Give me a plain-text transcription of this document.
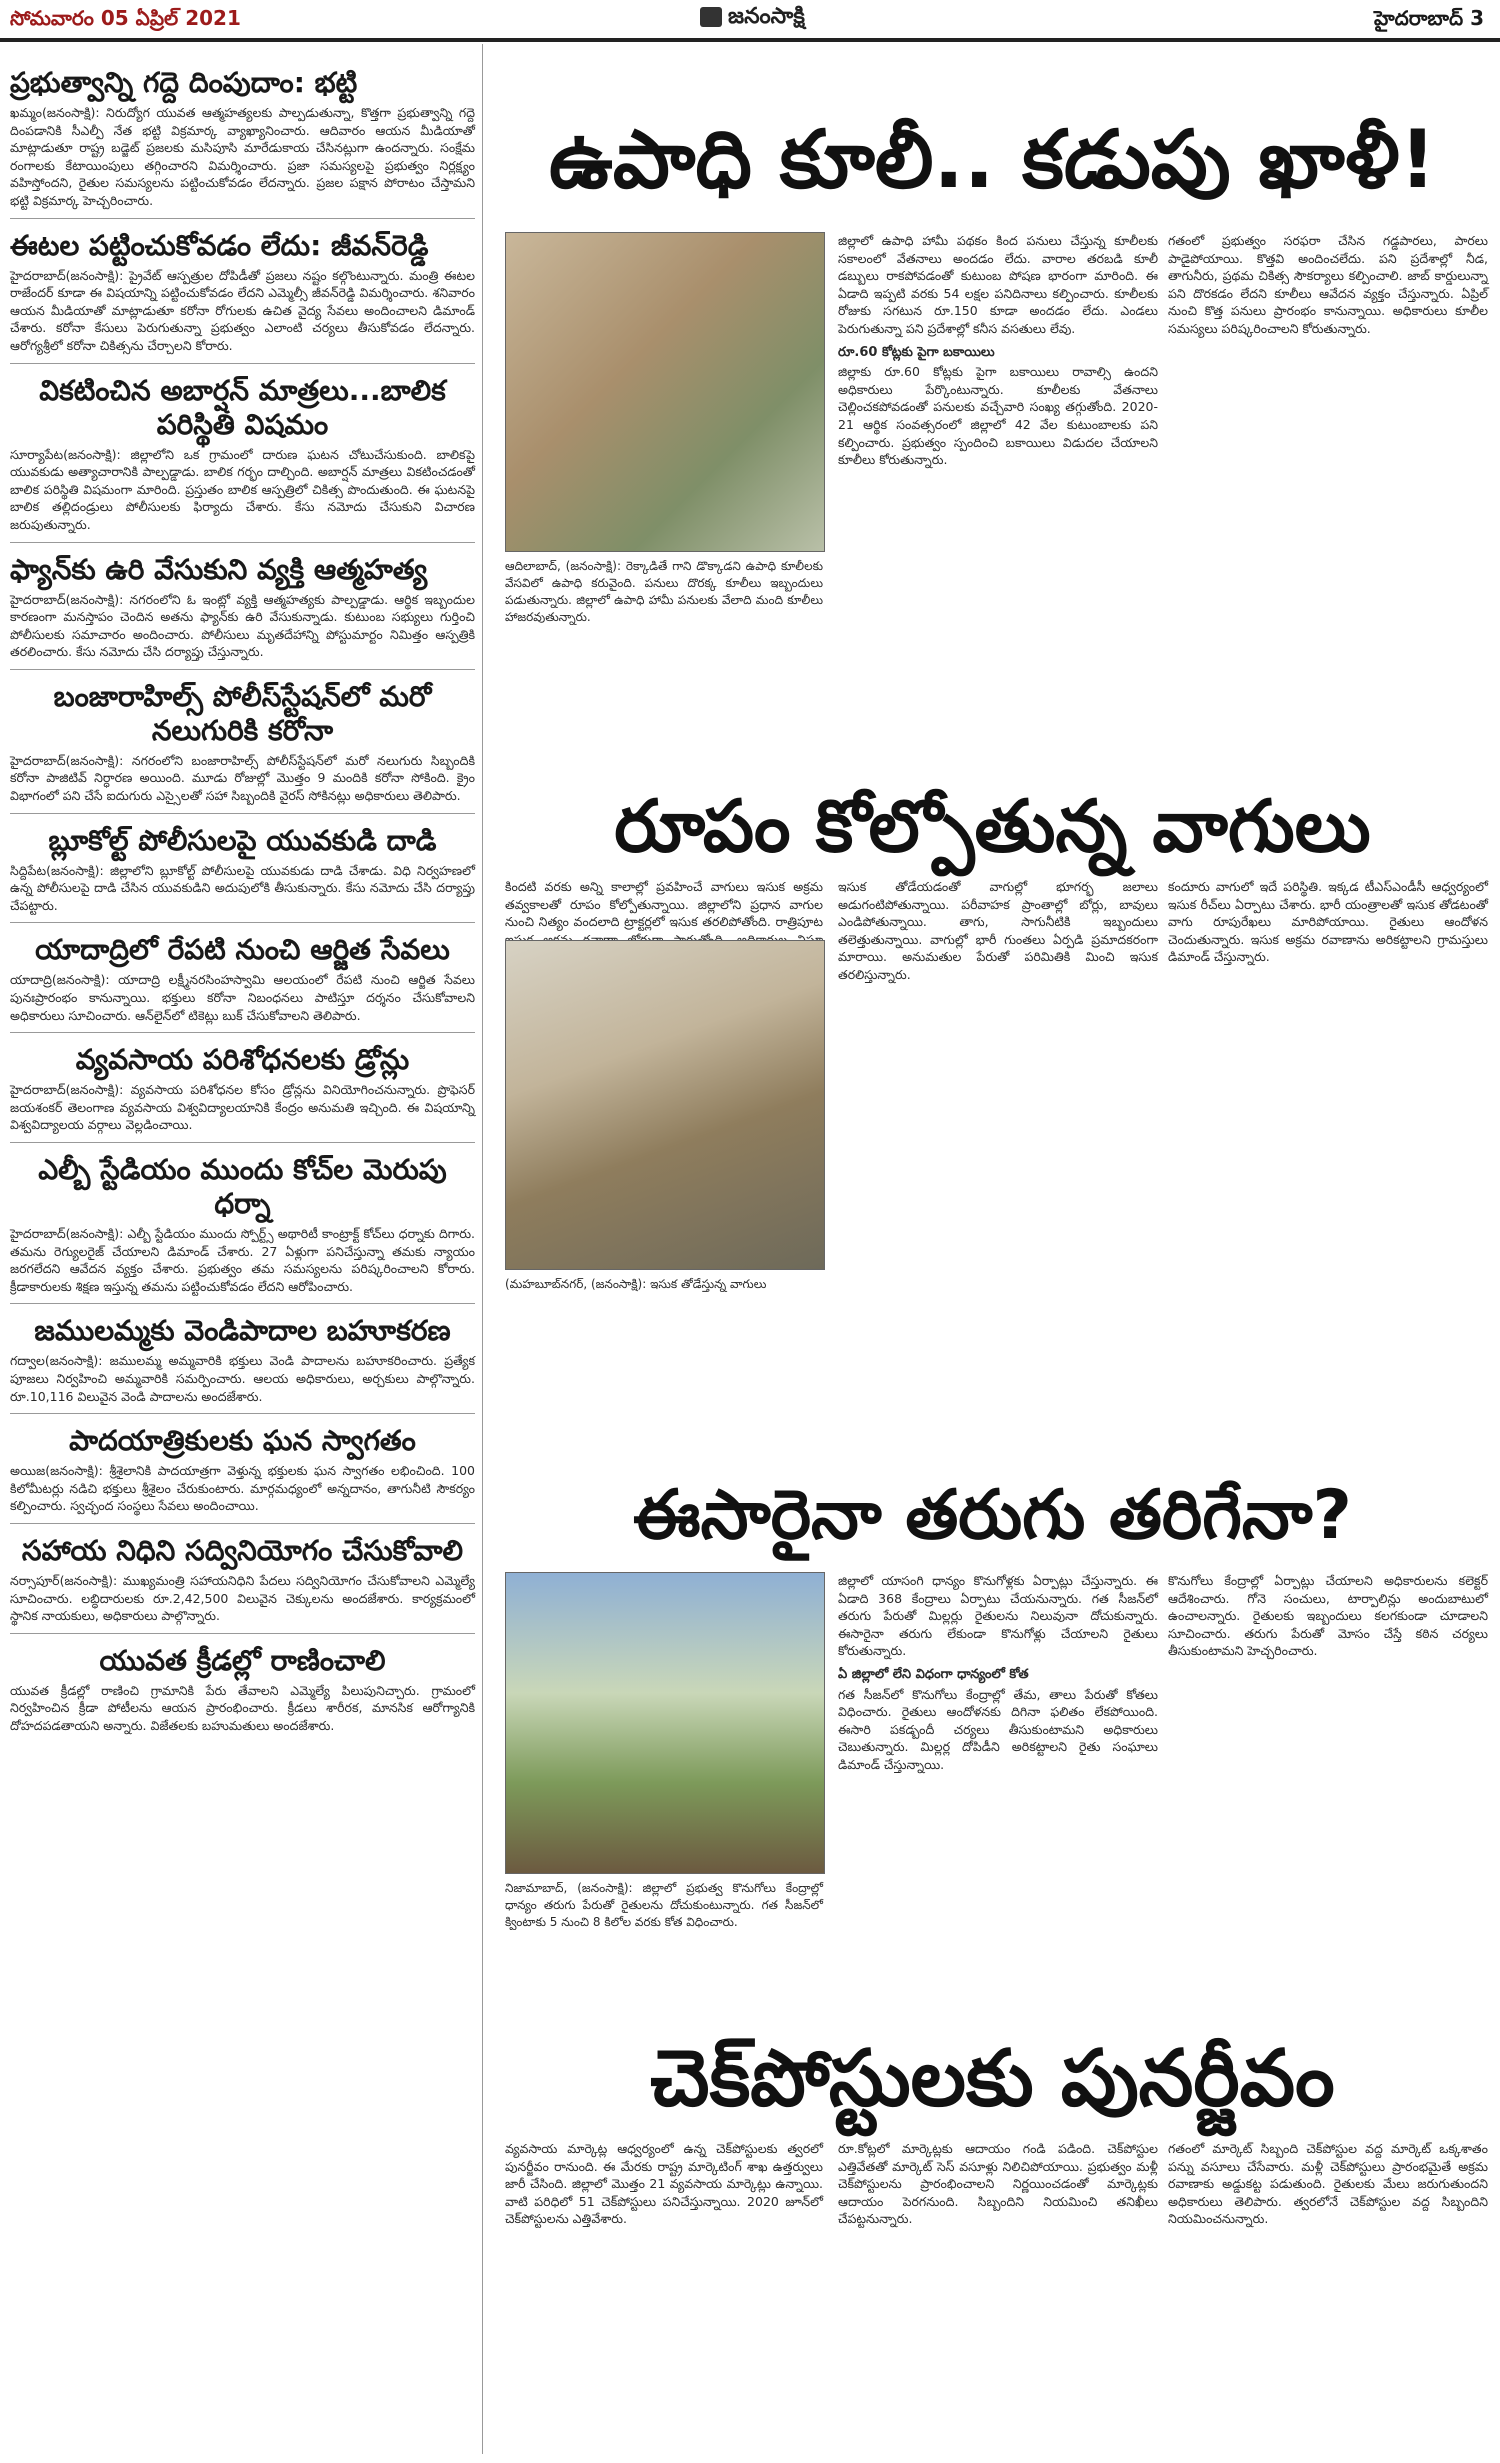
సోమవారం 05 ఏప్రిల్ 2021	జనంసాక్షి	హైదరాబాద్ 3
ప్రభుత్వాన్ని గద్దె దింపుదాం: భట్టి

ఖమ్మం(జనంసాక్షి): నిరుద్యోగ యువత ఆత్మహత్యలకు పాల్పడుతున్నా, కొత్తగా ప్రభుత్వాన్ని గద్దె దింపడానికి సీఎల్పీ నేత భట్టి విక్రమార్క వ్యాఖ్యానించారు. ఆదివారం ఆయన మీడియాతో మాట్లాడుతూ రాష్ట్ర బడ్జెట్ ప్రజలకు మసిపూసి మారేడుకాయ చేసినట్లుగా ఉందన్నారు. సంక్షేమ రంగాలకు కేటాయింపులు తగ్గించారని విమర్శించారు. ప్రజా సమస్యలపై ప్రభుత్వం నిర్లక్ష్యం వహిస్తోందని, రైతుల సమస్యలను పట్టించుకోవడం లేదన్నారు. ప్రజల పక్షాన పోరాటం చేస్తామని భట్టి విక్రమార్క హెచ్చరించారు.

ఈటల పట్టించుకోవడం లేదు: జీవన్‌రెడ్డి

హైదరాబాద్(జనంసాక్షి): ప్రైవేట్ ఆస్పత్రుల దోపిడీతో ప్రజలు నష్టం కల్గొంటున్నారు. మంత్రి ఈటల రాజేందర్ కూడా ఈ విషయాన్ని పట్టించుకోవడం లేదని ఎమ్మెల్సీ జీవన్‌రెడ్డి విమర్శించారు. శనివారం ఆయన మీడియాతో మాట్లాడుతూ కరోనా రోగులకు ఉచిత వైద్య సేవలు అందించాలని డిమాండ్ చేశారు. కరోనా కేసులు పెరుగుతున్నా ప్రభుత్వం ఎలాంటి చర్యలు తీసుకోవడం లేదన్నారు. ఆరోగ్యశ్రీలో కరోనా చికిత్సను చేర్చాలని కోరారు.

వికటించిన అబార్షన్ మాత్రలు...బాలిక పరిస్థితి విషమం

సూర్యాపేట(జనంసాక్షి): జిల్లాలోని ఒక గ్రామంలో దారుణ ఘటన చోటుచేసుకుంది. బాలికపై యువకుడు అత్యాచారానికి పాల్పడ్డాడు. బాలిక గర్భం దాల్చింది. అబార్షన్ మాత్రలు వికటించడంతో బాలిక పరిస్థితి విషమంగా మారింది. ప్రస్తుతం బాలిక ఆస్పత్రిలో చికిత్స పొందుతుంది. ఈ ఘటనపై బాలిక తల్లిదండ్రులు పోలీసులకు ఫిర్యాదు చేశారు. కేసు నమోదు చేసుకుని విచారణ జరుపుతున్నారు.

ఫ్యాన్‌కు ఉరి వేసుకుని వ్యక్తి ఆత్మహత్య

హైదరాబాద్(జనంసాక్షి): నగరంలోని ఓ ఇంట్లో వ్యక్తి ఆత్మహత్యకు పాల్పడ్డాడు. ఆర్థిక ఇబ్బందుల కారణంగా మనస్తాపం చెందిన అతను ఫ్యాన్‌కు ఉరి వేసుకున్నాడు. కుటుంబ సభ్యులు గుర్తించి పోలీసులకు సమాచారం అందించారు. పోలీసులు మృతదేహాన్ని పోస్టుమార్టం నిమిత్తం ఆస్పత్రికి తరలించారు. కేసు నమోదు చేసి దర్యాప్తు చేస్తున్నారు.

బంజారాహిల్స్ పోలీస్‌స్టేషన్‌లో మరో నలుగురికి కరోనా

హైదరాబాద్(జనంసాక్షి): నగరంలోని బంజారాహిల్స్ పోలీస్‌స్టేషన్‌లో మరో నలుగురు సిబ్బందికి కరోనా పాజిటివ్ నిర్ధారణ అయింది. మూడు రోజుల్లో మొత్తం 9 మందికి కరోనా సోకింది. క్రైం విభాగంలో పని చేసే ఐదుగురు ఎస్సైలతో సహా సిబ్బందికి వైరస్ సోకినట్లు అధికారులు తెలిపారు.

బ్లూకోల్ట్ పోలీసులపై యువకుడి దాడి

సిద్దిపేట(జనంసాక్షి): జిల్లాలోని బ్లూకోల్ట్ పోలీసులపై యువకుడు దాడి చేశాడు. విధి నిర్వహణలో ఉన్న పోలీసులపై దాడి చేసిన యువకుడిని అదుపులోకి తీసుకున్నారు. కేసు నమోదు చేసి దర్యాప్తు చేపట్టారు.

యాదాద్రిలో రేపటి నుంచి ఆర్జిత సేవలు

యాదాద్రి(జనంసాక్షి): యాదాద్రి లక్ష్మీనరసింహస్వామి ఆలయంలో రేపటి నుంచి ఆర్జిత సేవలు పునఃప్రారంభం కానున్నాయి. భక్తులు కరోనా నిబంధనలు పాటిస్తూ దర్శనం చేసుకోవాలని అధికారులు సూచించారు. ఆన్‌లైన్‌లో టికెట్లు బుక్ చేసుకోవాలని తెలిపారు.

వ్యవసాయ పరిశోధనలకు డ్రోన్లు

హైదరాబాద్(జనంసాక్షి): వ్యవసాయ పరిశోధనల కోసం డ్రోన్లను వినియోగించనున్నారు. ప్రొఫెసర్ జయశంకర్ తెలంగాణ వ్యవసాయ విశ్వవిద్యాలయానికి కేంద్రం అనుమతి ఇచ్చింది. ఈ విషయాన్ని విశ్వవిద్యాలయ వర్గాలు వెల్లడించాయి.

ఎల్బీ స్టేడియం ముందు కోచ్‌ల మెరుపు ధర్నా

హైదరాబాద్(జనంసాక్షి): ఎల్బీ స్టేడియం ముందు స్పోర్ట్స్ అథారిటీ కాంట్రాక్ట్ కోచ్‌లు ధర్నాకు దిగారు. తమను రెగ్యులరైజ్ చేయాలని డిమాండ్ చేశారు. 27 ఏళ్లుగా పనిచేస్తున్నా తమకు న్యాయం జరగలేదని ఆవేదన వ్యక్తం చేశారు. ప్రభుత్వం తమ సమస్యలను పరిష్కరించాలని కోరారు. క్రీడాకారులకు శిక్షణ ఇస్తున్న తమను పట్టించుకోవడం లేదని ఆరోపించారు.

జములమ్మకు వెండిపాదాల బహూకరణ

గద్వాల(జనంసాక్షి): జములమ్మ అమ్మవారికి భక్తులు వెండి పాదాలను బహూకరించారు. ప్రత్యేక పూజలు నిర్వహించి అమ్మవారికి సమర్పించారు. ఆలయ అధికారులు, అర్చకులు పాల్గొన్నారు. రూ.10,116 విలువైన వెండి పాదాలను అందజేశారు.

పాదయాత్రికులకు ఘన స్వాగతం

అయిజ(జనంసాక్షి): శ్రీశైలానికి పాదయాత్రగా వెళ్తున్న భక్తులకు ఘన స్వాగతం లభించింది. 100 కిలోమీటర్లు నడిచి భక్తులు శ్రీశైలం చేరుకుంటారు. మార్గమధ్యంలో అన్నదానం, తాగునీటి సౌకర్యం కల్పించారు. స్వచ్ఛంద సంస్థలు సేవలు అందించాయి.

సహాయ నిధిని సద్వినియోగం చేసుకోవాలి

నర్సాపూర్(జనంసాక్షి): ముఖ్యమంత్రి సహాయనిధిని పేదలు సద్వినియోగం చేసుకోవాలని ఎమ్మెల్యే సూచించారు. లబ్ధిదారులకు రూ.2,42,500 విలువైన చెక్కులను అందజేశారు. కార్యక్రమంలో స్థానిక నాయకులు, అధికారులు పాల్గొన్నారు.

యువత క్రీడల్లో రాణించాలి

యువత క్రీడల్లో రాణించి గ్రామానికి పేరు తేవాలని ఎమ్మెల్యే పిలుపునిచ్చారు. గ్రామంలో నిర్వహించిన క్రీడా పోటీలను ఆయన ప్రారంభించారు. క్రీడలు శారీరక, మానసిక ఆరోగ్యానికి దోహదపడతాయని అన్నారు. విజేతలకు బహుమతులు అందజేశారు.

ఉపాధి కూలీ.. కడుపు ఖాళీ!
ఆదిలాబాద్, (జనంసాక్షి): రెక్కాడితే గాని డొక్కాడని ఉపాధి కూలీలకు వేసవిలో ఉపాధి కరువైంది. పనులు దొరక్క కూలీలు ఇబ్బందులు పడుతున్నారు. జిల్లాలో ఉపాధి హామీ పనులకు వేలాది మంది కూలీలు హాజరవుతున్నారు.
జిల్లాలో ఉపాధి హామీ పథకం కింద పనులు చేస్తున్న కూలీలకు సకాలంలో వేతనాలు అందడం లేదు. వారాల తరబడి కూలీ డబ్బులు రాకపోవడంతో కుటుంబ పోషణ భారంగా మారింది. ఈ ఏడాది ఇప్పటి వరకు 54 లక్షల పనిదినాలు కల్పించారు. కూలీలకు రోజుకు సగటున రూ.150 కూడా అందడం లేదు. ఎండలు పెరుగుతున్నా పని ప్రదేశాల్లో కనీస వసతులు లేవు.
రూ.60 కోట్లకు పైగా బకాయిలు
జిల్లాకు రూ.60 కోట్లకు పైగా బకాయిలు రావాల్సి ఉందని అధికారులు పేర్కొంటున్నారు. కూలీలకు వేతనాలు చెల్లించకపోవడంతో పనులకు వచ్చేవారి సంఖ్య తగ్గుతోంది. 2020-21 ఆర్థిక సంవత్సరంలో జిల్లాలో 42 వేల కుటుంబాలకు పని కల్పించారు. ప్రభుత్వం స్పందించి బకాయిలు విడుదల చేయాలని కూలీలు కోరుతున్నారు.
గతంలో ప్రభుత్వం సరఫరా చేసిన గడ్డపారలు, పారలు పాడైపోయాయి. కొత్తవి అందించలేదు. పని ప్రదేశాల్లో నీడ, తాగునీరు, ప్రథమ చికిత్స సౌకర్యాలు కల్పించాలి. జాబ్ కార్డులున్నా పని దొరకడం లేదని కూలీలు ఆవేదన వ్యక్తం చేస్తున్నారు. ఏప్రిల్ నుంచి కొత్త పనులు ప్రారంభం కానున్నాయి. అధికారులు కూలీల సమస్యలు పరిష్కరించాలని కోరుతున్నారు.
రూపం కోల్పోతున్న వాగులు
కిందటి వరకు అన్ని కాలాల్లో ప్రవహించే వాగులు ఇసుక అక్రమ తవ్వకాలతో రూపం కోల్పోతున్నాయి. జిల్లాలోని ప్రధాన వాగుల నుంచి నిత్యం వందలాది ట్రాక్టర్లలో ఇసుక తరలిపోతోంది. రాత్రిపూట
(మహబూబ్‌నగర్, (జనంసాక్షి): ఇసుక తోడేస్తున్న వాగులు
ఇసుక తోడేయడంతో వాగుల్లో భూగర్భ జలాలు అడుగంటిపోతున్నాయి. పరీవాహక ప్రాంతాల్లో బోర్లు, బావులు ఎండిపోతున్నాయి. తాగు, సాగునీటికి ఇబ్బందులు తలెత్తుతున్నాయి. వాగుల్లో భారీ గుంతలు ఏర్పడి ప్రమాదకరంగా మారాయి. అనుమతుల పేరుతో పరిమితికి మించి ఇసుక తరలిస్తున్నారు.
కందూరు వాగులో ఇదే పరిస్థితి. ఇక్కడ టీఎస్‌ఎండీసీ ఆధ్వర్యంలో ఇసుక రీచ్‌లు ఏర్పాటు చేశారు. భారీ యంత్రాలతో ఇసుక తోడటంతో వాగు రూపురేఖలు మారిపోయాయి. రైతులు ఆందోళన చెందుతున్నారు. ఇసుక అక్రమ రవాణాను అరికట్టాలని గ్రామస్తులు డిమాండ్ చేస్తున్నారు.
ఈసారైనా తరుగు తరిగేనా?
నిజామాబాద్, (జనంసాక్షి): జిల్లాలో ప్రభుత్వ కొనుగోలు కేంద్రాల్లో ధాన్యం తరుగు పేరుతో రైతులను దోచుకుంటున్నారు. గత సీజన్‌లో క్వింటాకు 5 నుంచి 8 కిలోల వరకు కోత విధించారు.
జిల్లాలో యాసంగి ధాన్యం కొనుగోళ్లకు ఏర్పాట్లు చేస్తున్నారు. ఈ ఏడాది 368 కేంద్రాలు ఏర్పాటు చేయనున్నారు. గత సీజన్‌లో తరుగు పేరుతో మిల్లర్లు రైతులను నిలువునా దోచుకున్నారు. ఈసారైనా తరుగు లేకుండా కొనుగోళ్లు చేయాలని రైతులు కోరుతున్నారు.
ఏ జిల్లాలో లేని విధంగా ధాన్యంలో కోత
గత సీజన్‌లో కొనుగోలు కేంద్రాల్లో తేమ, తాలు పేరుతో కోతలు విధించారు. రైతులు ఆందోళనకు దిగినా ఫలితం లేకపోయింది. ఈసారి పకడ్బందీ చర్యలు తీసుకుంటామని అధికారులు చెబుతున్నారు. మిల్లర్ల దోపిడీని అరికట్టాలని రైతు సంఘాలు డిమాండ్ చేస్తున్నాయి.
కొనుగోలు కేంద్రాల్లో ఏర్పాట్లు చేయాలని అధికారులను కలెక్టర్ ఆదేశించారు. గోనె సంచులు, టార్పాలిన్లు అందుబాటులో ఉంచాలన్నారు. రైతులకు ఇబ్బందులు కలగకుండా చూడాలని సూచించారు. తరుగు పేరుతో మోసం చేస్తే కఠిన చర్యలు తీసుకుంటామని హెచ్చరించారు.
చెక్‌పోస్టులకు పునర్జీవం
వ్యవసాయ మార్కెట్ల ఆధ్వర్యంలో ఉన్న చెక్‌పోస్టులకు త్వరలో పునర్జీవం రానుంది. ఈ మేరకు రాష్ట్ర మార్కెటింగ్ శాఖ ఉత్తర్వులు జారీ చేసింది. జిల్లాలో మొత్తం 21 వ్యవసాయ మార్కెట్లు ఉన్నాయి. వాటి పరిధిలో 51 చెక్‌పోస్టులు పనిచేస్తున్నాయి. 2020 జూన్‌లో చెక్‌పోస్టులను ఎత్తివేశారు.
రూ.కోట్లలో మార్కెట్లకు ఆదాయం గండి పడింది. చెక్‌పోస్టుల ఎత్తివేతతో మార్కెట్ సెస్ వసూళ్లు నిలిచిపోయాయి. ప్రభుత్వం మళ్లీ చెక్‌పోస్టులను ప్రారంభించాలని నిర్ణయించడంతో మార్కెట్లకు ఆదాయం పెరగనుంది. సిబ్బందిని నియమించి తనిఖీలు చేపట్టనున్నారు.
గతంలో మార్కెట్ సిబ్బంది చెక్‌పోస్టుల వద్ద మార్కెట్ ఒక్కశాతం పన్ను వసూలు చేసేవారు. మళ్లీ చెక్‌పోస్టులు ప్రారంభమైతే అక్రమ రవాణాకు అడ్డుకట్ట పడుతుంది. రైతులకు మేలు జరుగుతుందని అధికారులు తెలిపారు. త్వరలోనే చెక్‌పోస్టుల వద్ద సిబ్బందిని నియమించనున్నారు.
